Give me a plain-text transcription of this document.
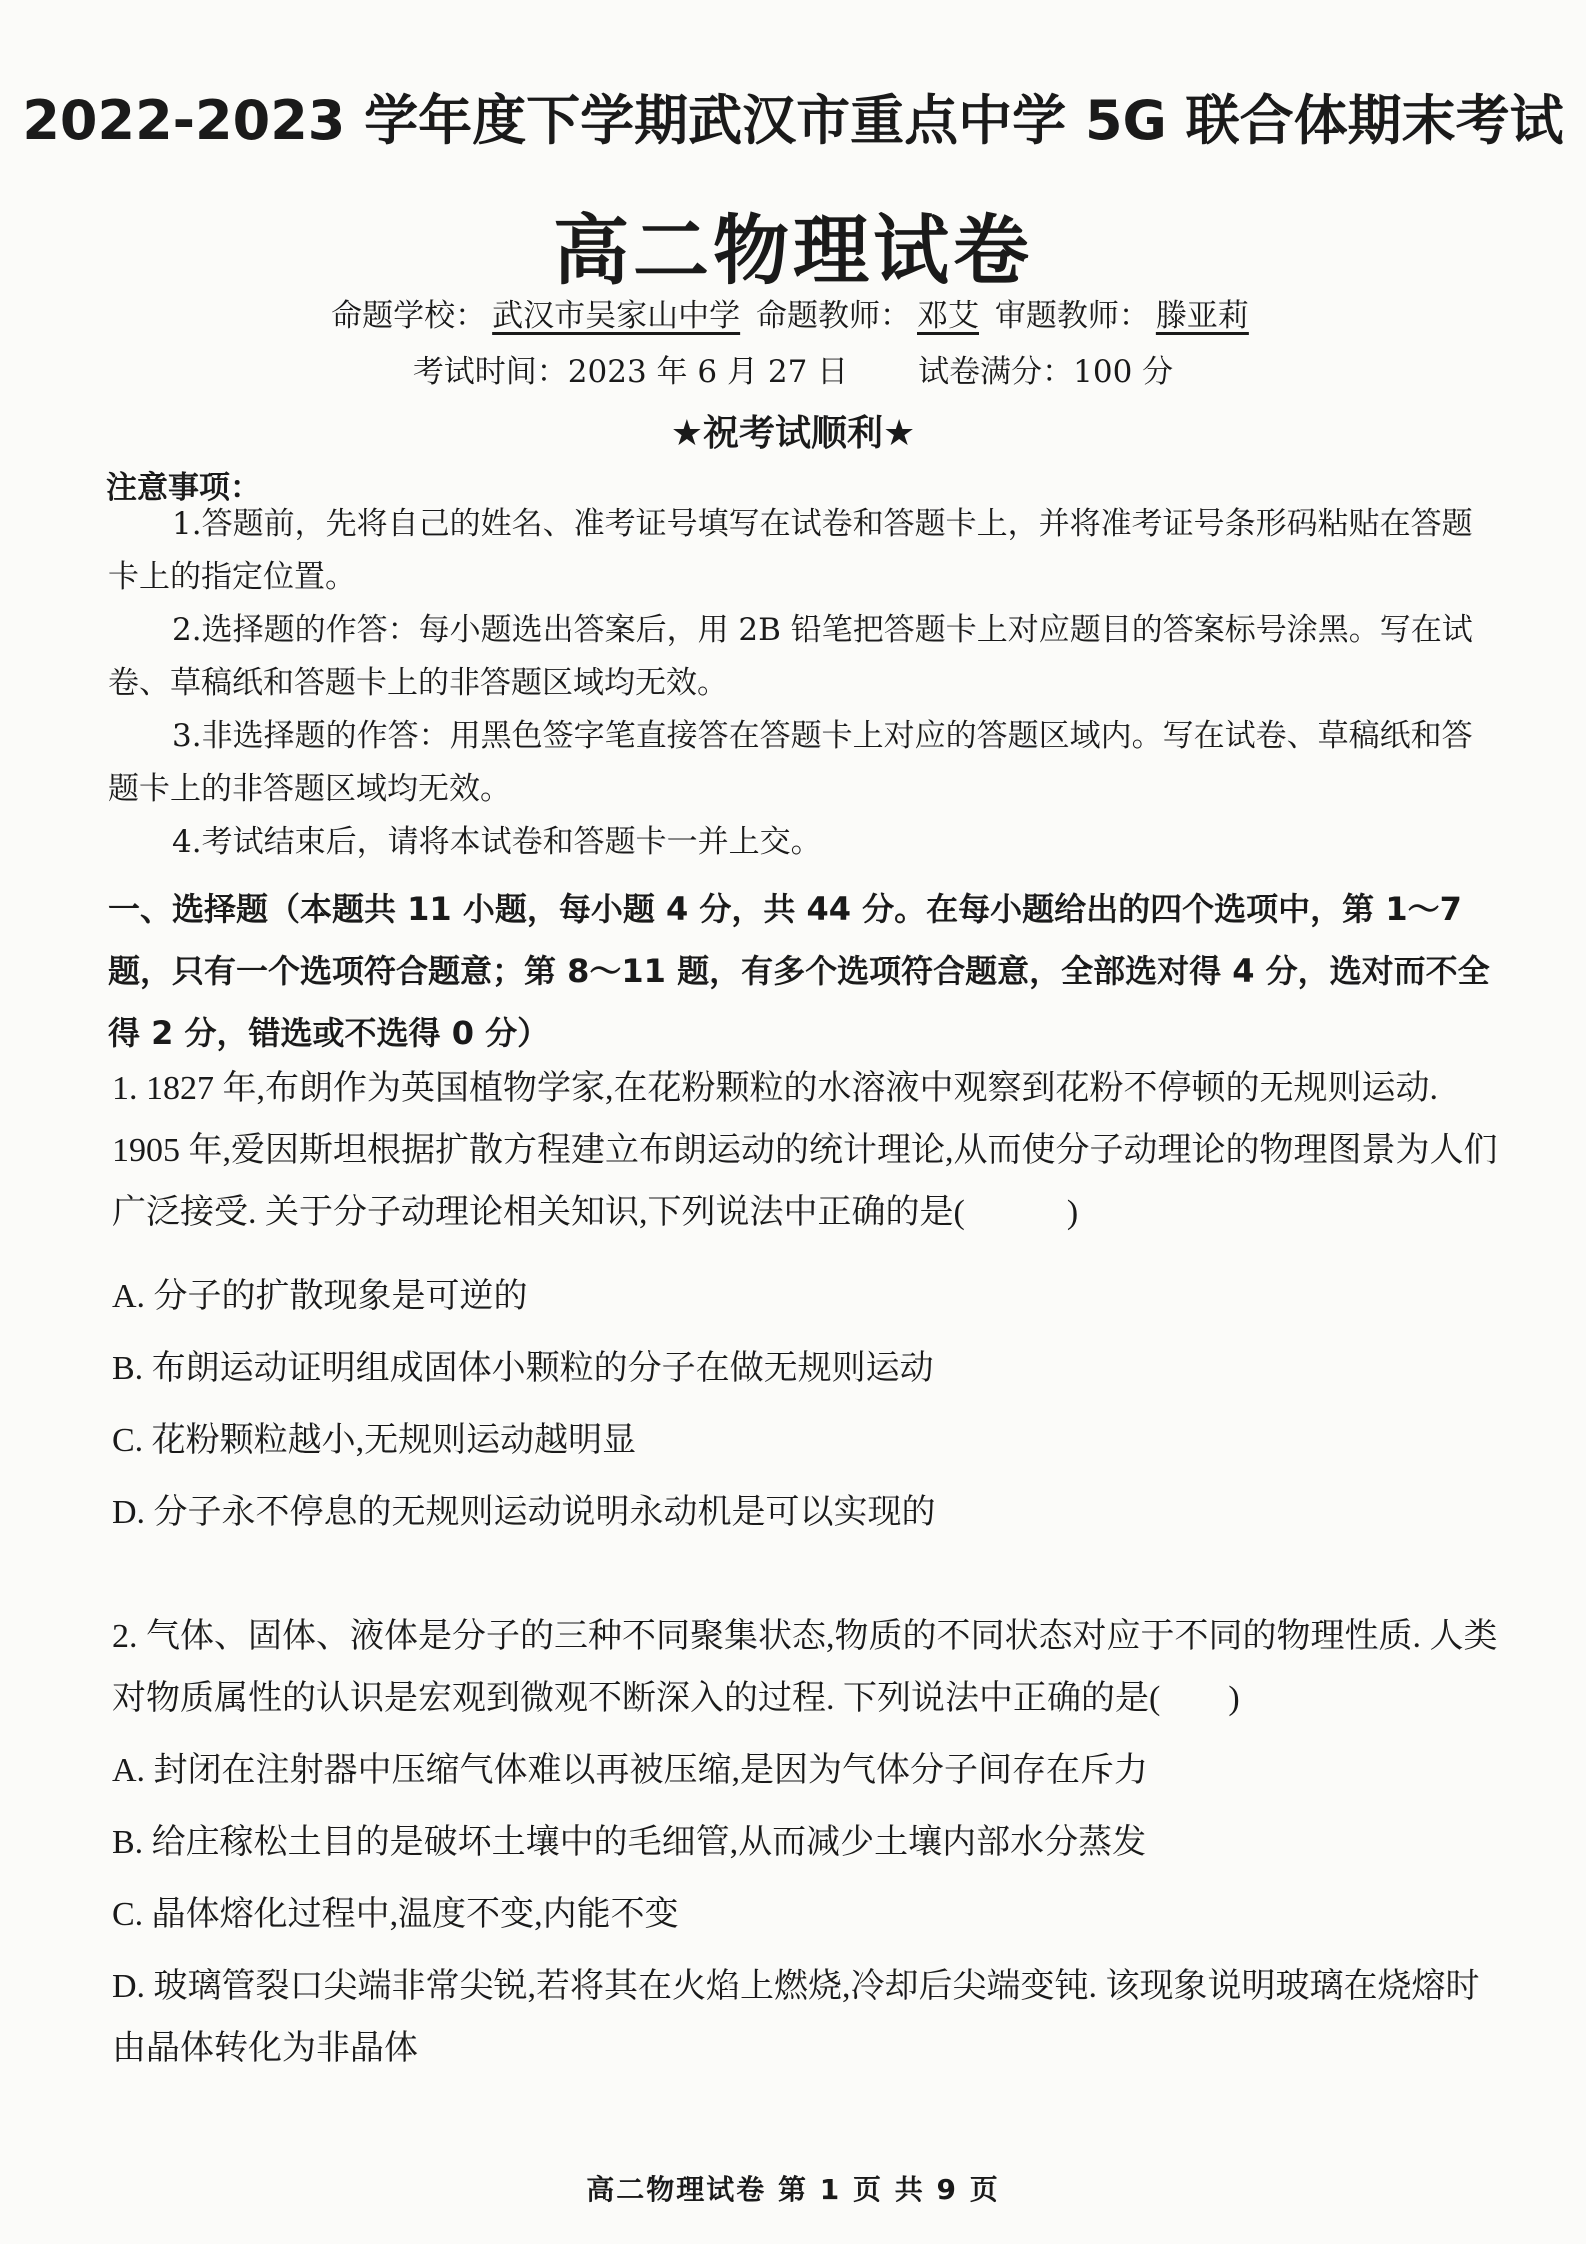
2022-2023 学年度下学期武汉市重点中学 5G 联合体期末考试
高二物理试卷
命题学校： 武汉市吴家山中学 命题教师： 邓艾 审题教师： 滕亚莉
考试时间：2023 年 6 月 27 日 试卷满分：100 分
★祝考试顺利★
注意事项：
1.答题前，先将自己的姓名、准考证号填写在试卷和答题卡上，并将准考证号条形码粘贴在答题卡上的指定位置。
2.选择题的作答：每小题选出答案后，用 2B 铅笔把答题卡上对应题目的答案标号涂黑。写在试卷、草稿纸和答题卡上的非答题区域均无效。
3.非选择题的作答：用黑色签字笔直接答在答题卡上对应的答题区域内。写在试卷、草稿纸和答题卡上的非答题区域均无效。
4.考试结束后，请将本试卷和答题卡一并上交。
一、选择题（本题共 11 小题，每小题 4 分，共 44 分。在每小题给出的四个选项中，第 1～7 题，只有一个选项符合题意；第 8～11 题，有多个选项符合题意，全部选对得 4 分，选对而不全得 2 分，错选或不选得 0 分）
1. 1827 年,布朗作为英国植物学家,在花粉颗粒的水溶液中观察到花粉不停顿的无规则运动. 1905 年,爱因斯坦根据扩散方程建立布朗运动的统计理论,从而使分子动理论的物理图景为人们广泛接受. 关于分子动理论相关知识,下列说法中正确的是(　　　)
A. 分子的扩散现象是可逆的
B. 布朗运动证明组成固体小颗粒的分子在做无规则运动
C. 花粉颗粒越小,无规则运动越明显
D. 分子永不停息的无规则运动说明永动机是可以实现的
2. 气体、固体、液体是分子的三种不同聚集状态,物质的不同状态对应于不同的物理性质. 人类对物质属性的认识是宏观到微观不断深入的过程. 下列说法中正确的是(　　)
A. 封闭在注射器中压缩气体难以再被压缩,是因为气体分子间存在斥力
B. 给庄稼松土目的是破坏土壤中的毛细管,从而减少土壤内部水分蒸发
C. 晶体熔化过程中,温度不变,内能不变
D. 玻璃管裂口尖端非常尖锐,若将其在火焰上燃烧,冷却后尖端变钝. 该现象说明玻璃在烧熔时由晶体转化为非晶体
高二物理试卷 第 1 页 共 9 页
